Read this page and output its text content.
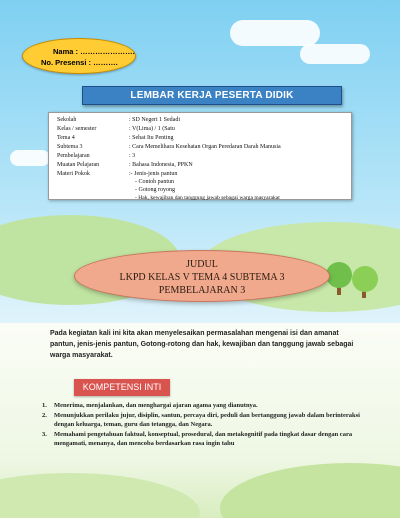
Nama : ………………….
No. Presensi : ……….
LEMBAR KERJA PESERTA DIDIK
Sekolah	: SD Negeri 1 Sedadi
Kelas / semester	: V(Lima) / 1 (Satu
Tema 4	: Sehat Itu Penting
Subtema 3	: Cara Memelihara Kesehatan Organ Peredaran Darah Manusia
Pembelajaran	: 3
Muatan Pelajaran	: Bahasa Indonesia, PPKN
Materi Pokok	:- Jenis-jenis pantun
- Contoh pantun
- Gotong royong
- Hak, kewajiban dan tanggung jawab sebagai warga masyarakat
JUDUL
LKPD KELAS V TEMA 4 SUBTEMA 3
PEMBELAJARAN 3
Pada kegiatan kali ini kita akan menyelesaikan permasalahan mengenai isi dan amanat pantun, jenis-jenis pantun, Gotong-rotong dan hak, kewajiban dan tanggung jawab sebagai warga masyarakat.
KOMPETENSI INTI
1. Menerima, menjalankan, dan menghargai ajaran agama yang dianutnya.
2. Menunjukkan perilaku jujur, disiplin, santun, percaya diri, peduli dan bertanggung jawab dalam berinteraksi dengan keluarga, teman, guru dan tetangga, dan Negara.
3. Memahami pengetahuan faktual, konseptual, prosedural, dan metakognitif pada tingkat dasar dengan cara mengamati, menanya, dan mencoba berdasarkan rasa ingin tahu
